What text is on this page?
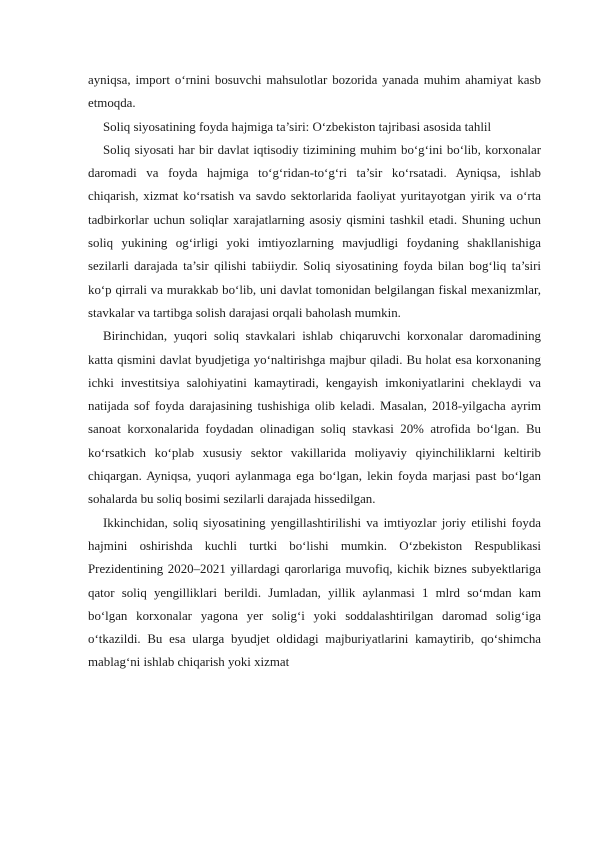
ayniqsa, import o‘rnini bosuvchi mahsulotlar bozorida yanada muhim ahamiyat kasb etmoqda.

Soliq siyosatining foyda hajmiga ta’siri: O‘zbekiston tajribasi asosida tahlil

Soliq siyosati har bir davlat iqtisodiy tizimining muhim bo‘g‘ini bo‘lib, korxonalar daromadi va foyda hajmiga to‘g‘ridan-to‘g‘ri ta’sir ko‘rsatadi. Ayniqsa, ishlab chiqarish, xizmat ko‘rsatish va savdo sektorlarida faoliyat yuritayotgan yirik va o‘rta tadbirkorlar uchun soliqlar xarajatlarning asosiy qismini tashkil etadi. Shuning uchun soliq yukining og‘irligi yoki imtiyozlarning mavjudligi foydaning shakllanishiga sezilarli darajada ta’sir qilishi tabiiydir. Soliq siyosatining foyda bilan bog‘liq ta’siri ko‘p qirrali va murakkab bo‘lib, uni davlat tomonidan belgilangan fiskal mexanizmlar, stavkalar va tartibga solish darajasi orqali baholash mumkin.

Birinchidan, yuqori soliq stavkalari ishlab chiqaruvchi korxonalar daromadining katta qismini davlat byudjetiga yo‘naltirishga majbur qiladi. Bu holat esa korxonaning ichki investitsiya salohiyatini kamaytiradi, kengayish imkoniyatlarini cheklaydi va natijada sof foyda darajasining tushishiga olib keladi. Masalan, 2018-yilgacha ayrim sanoat korxonalarida foydadan olinadigan soliq stavkasi 20% atrofida bo‘lgan. Bu ko‘rsatkich ko‘plab xususiy sektor vakillarida moliyaviy qiyinchiliklarni keltirib chiqargan. Ayniqsa, yuqori aylanmaga ega bo‘lgan, lekin foyda marjasi past bo‘lgan sohalarda bu soliq bosimi sezilarli darajada hissedilgan.

Ikkinchidan, soliq siyosatining yengillashtirilishi va imtiyozlar joriy etilishi foyda hajmini oshirishda kuchli turtki bo‘lishi mumkin. O‘zbekiston Respublikasi Prezidentining 2020–2021 yillardagi qarorlariga muvofiq, kichik biznes subyektlariga qator soliq yengilliklari berildi. Jumladan, yillik aylanmasi 1 mlrd so‘mdan kam bo‘lgan korxonalar yagona yer solig‘i yoki soddalashtirilgan daromad solig‘iga o‘tkazildi. Bu esa ularga byudjet oldidagi majburiyatlarini kamaytirib, qo‘shimcha mablag‘ni ishlab chiqarish yoki xizmat
